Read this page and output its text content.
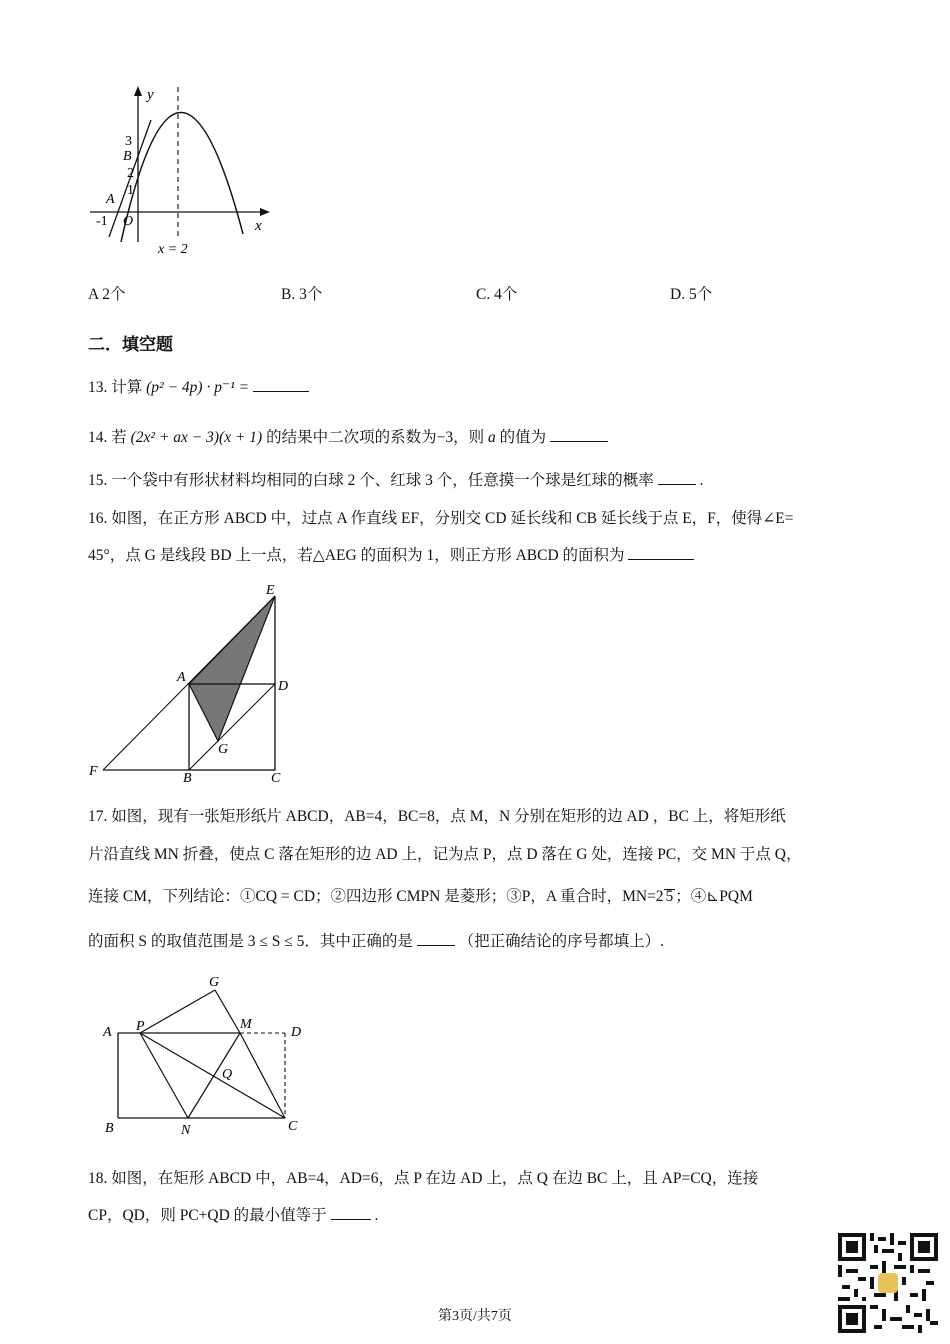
y
x
3
B
2
1
A
-1 O
x = 2
A 2个	B. 3个	C. 4个	D. 5个
二．填空题
13. 计算 (p² − 4p) · p⁻¹ =
14. 若 (2x² + ax − 3)(x + 1) 的结果中二次项的系数为−3，则 a 的值为
15. 一个袋中有形状材料均相同的白球 2 个、红球 3 个，任意摸一个球是红球的概率	.
16. 如图，在正方形 ABCD 中，过点 A 作直线 EF，分别交 CD 延长线和 CB 延长线于点 E，F，使得∠E=
45°，点 G 是线段 BD 上一点，若△AEG 的面积为 1，则正方形 ABCD 的面积为
E
A
D
G
F	B	C
17. 如图，现有一张矩形纸片 ABCD，AB=4，BC=8，点 M，N 分别在矩形的边 AD ，BC 上，将矩形纸
片沿直线 MN 折叠，使点 C 落在矩形的边 AD 上，记为点 P，点 D 落在 G 处，连接 PC，交 MN 于点 Q，
连接 CM，下列结论：①CQ = CD；②四边形 CMPN 是菱形；③P，A 重合时，MN=2 5 ；④⊾PQM
的面积 S 的取值范围是 3 ≤ S ≤ 5．其中正确的是	（把正确结论的序号都填上）.
G
A P	M
D
Q
B	N	C
18. 如图，在矩形 ABCD 中，AB=4，AD=6，点 P 在边 AD 上，点 Q 在边 BC 上，且 AP=CQ，连接
CP，QD，则 PC+QD 的最小值等于	.
第3页/共7页
